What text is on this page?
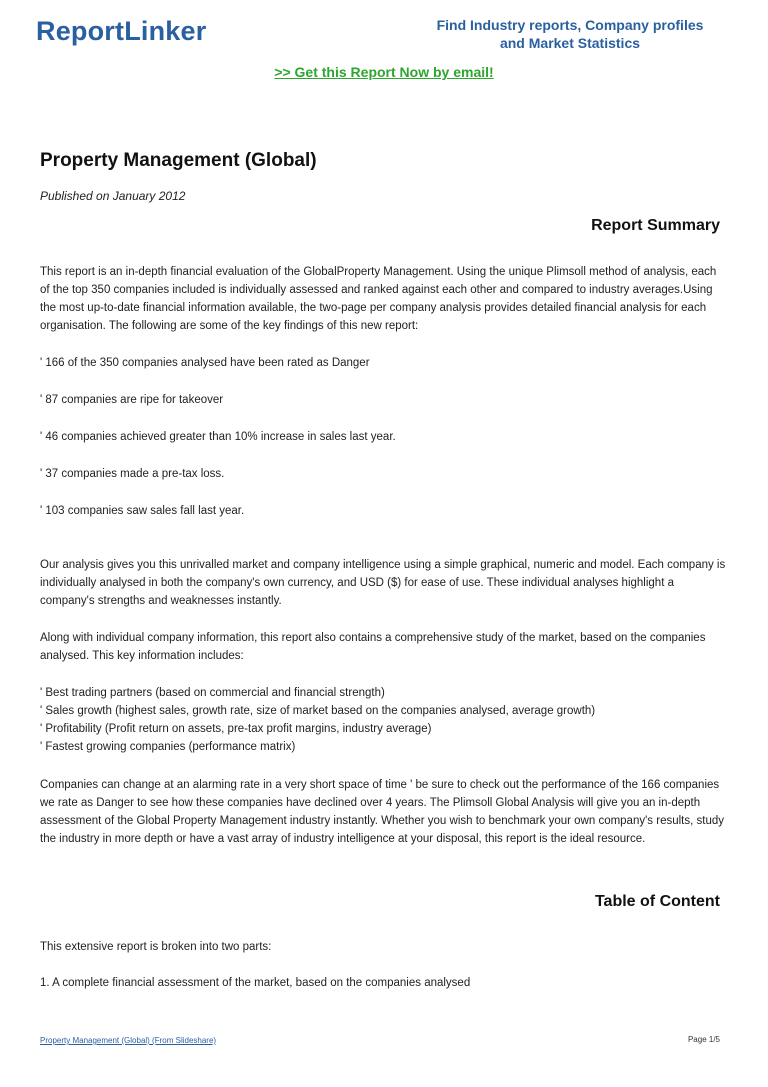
ReportLinker	Find Industry reports, Company profiles
and Market Statistics
>> Get this Report Now by email!
Property Management (Global)
Published on January 2012
Report Summary

This report is an in-depth financial evaluation of the GlobalProperty Management. Using the unique Plimsoll method of analysis, each of the top 350 companies included is individually assessed and ranked against each other and compared to industry averages.Using the most up-to-date financial information available, the two-page per company analysis provides detailed financial analysis for each organisation. The following are some of the key findings of this new report:

' 166 of the 350 companies analysed have been rated as Danger

' 87 companies are ripe for takeover

' 46 companies achieved greater than 10% increase in sales last year.

' 37 companies made a pre-tax loss.

' 103 companies saw sales fall last year.

Our analysis gives you this unrivalled market and company intelligence using a simple graphical, numeric and model. Each company is individually analysed in both the company's own currency, and USD ($) for ease of use. These individual analyses highlight a company's strengths and weaknesses instantly.

Along with individual company information, this report also contains a comprehensive study of the market, based on the companies analysed. This key information includes:

' Best trading partners (based on commercial and financial strength)
' Sales growth (highest sales, growth rate, size of market based on the companies analysed, average growth)
' Profitability (Profit return on assets, pre-tax profit margins, industry average)
' Fastest growing companies (performance matrix)

Companies can change at an alarming rate in a very short space of time ' be sure to check out the performance of the 166 companies we rate as Danger to see how these companies have declined over 4 years. The Plimsoll Global Analysis will give you an in-depth assessment of the Global Property Management industry instantly. Whether you wish to benchmark your own company's results, study the industry in more depth or have a vast array of industry intelligence at your disposal, this report is the ideal resource.

Table of Content

This extensive report is broken into two parts:

1. A complete financial assessment of the market, based on the companies analysed

Property Management (Global) (From Slideshare)	Page 1/5
